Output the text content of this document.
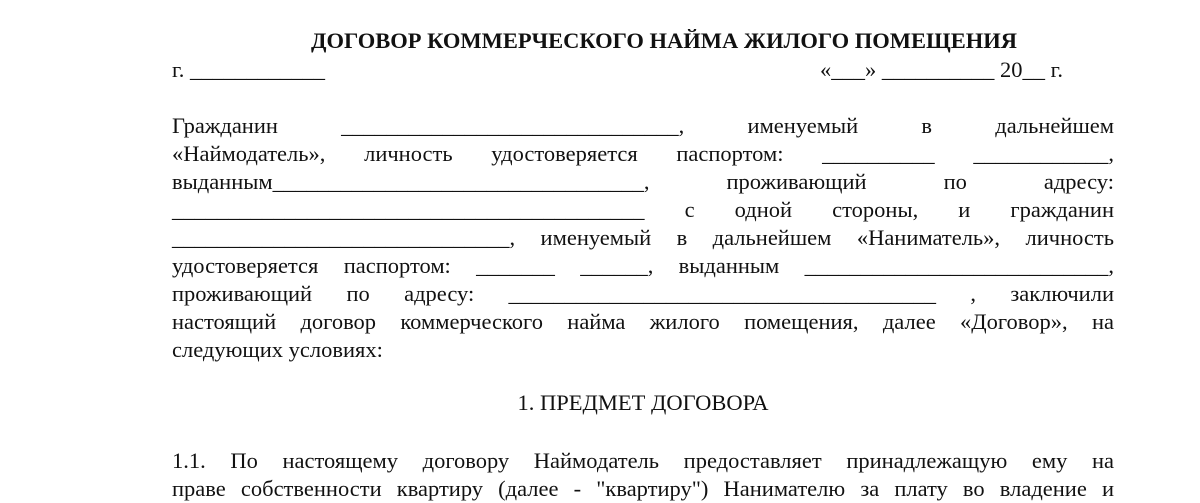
ДОГОВОР КОММЕРЧЕСКОГО НАЙМА ЖИЛОГО ПОМЕЩЕНИЯ
г. ____________	«___» __________ 20__ г.
Гражданин ______________________________, именуемый в дальнейшем
«Наймодатель», личность удостоверяется паспортом: __________ ____________,
выданным_________________________________, проживающий по адресу:
__________________________________________ с одной стороны, и гражданин
______________________________, именуемый в дальнейшем «Наниматель», личность
удостоверяется паспортом: _______ ______, выданным ___________________________,
проживающий по адресу: ______________________________________ , заключили
настоящий договор коммерческого найма жилого помещения, далее «Договор», на
следующих условиях:
1. ПРЕДМЕТ ДОГОВОРА
1.1. По настоящему договору Наймодатель предоставляет принадлежащую ему на
праве собственности квартиру (далее - "квартиру") Нанимателю за плату во владение и
